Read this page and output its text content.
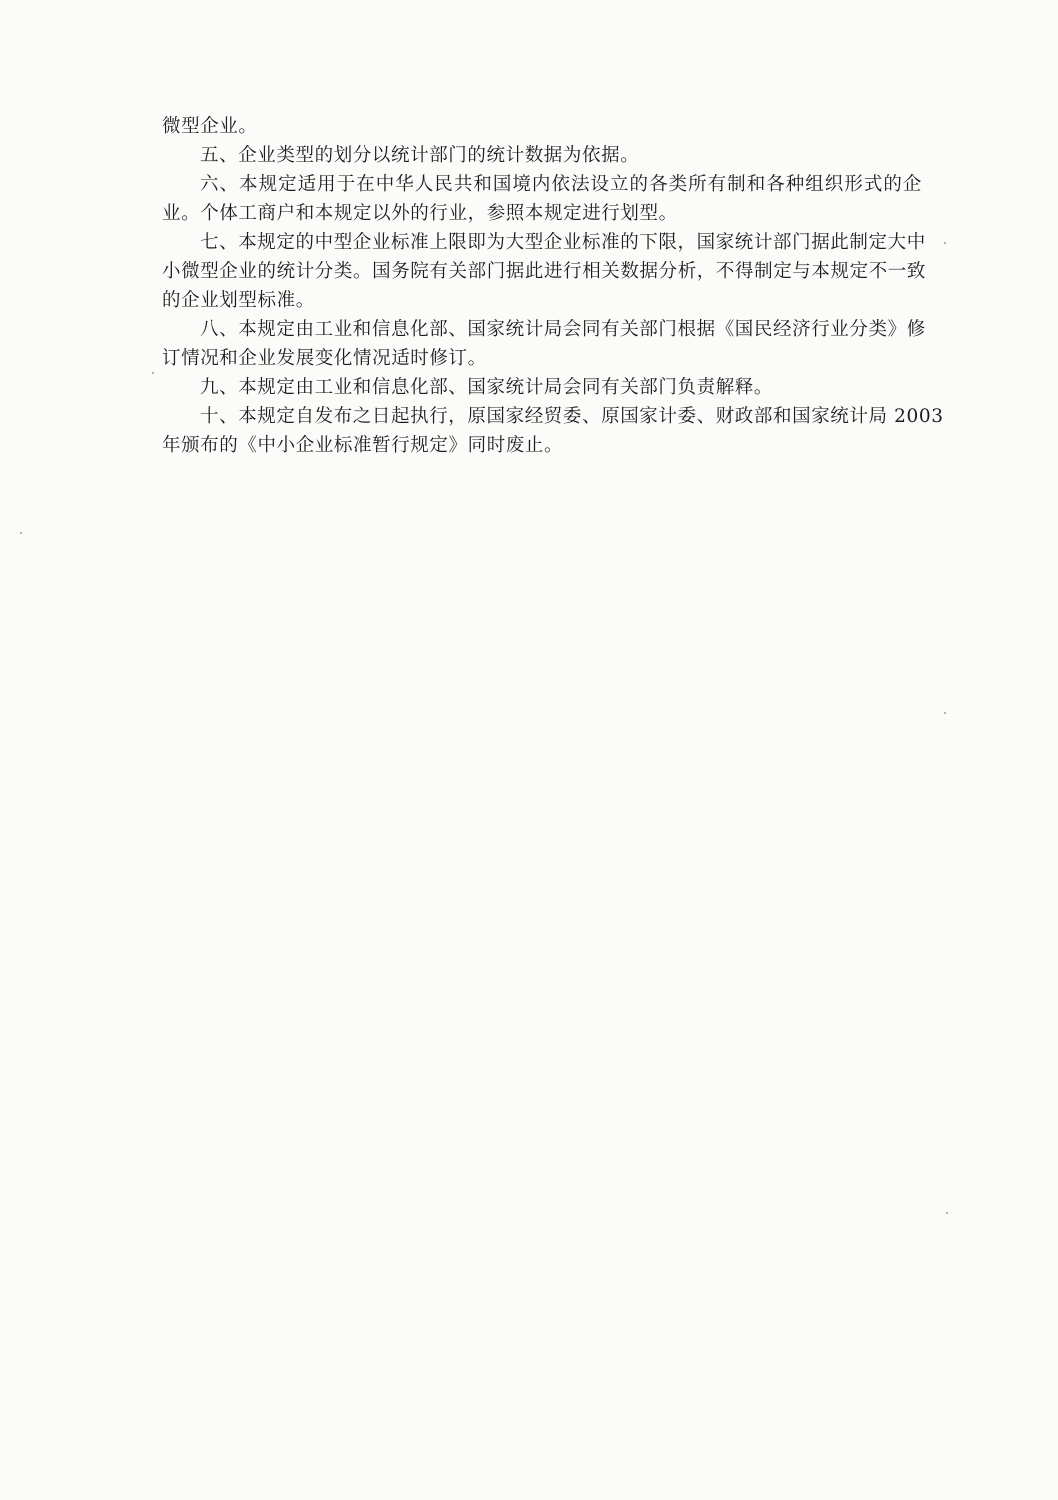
微型企业。
五、企业类型的划分以统计部门的统计数据为依据。
六、本规定适用于在中华人民共和国境内依法设立的各类所有制和各种组织形式的企
业。个体工商户和本规定以外的行业，参照本规定进行划型。
七、本规定的中型企业标准上限即为大型企业标准的下限，国家统计部门据此制定大中
小微型企业的统计分类。国务院有关部门据此进行相关数据分析，不得制定与本规定不一致
的企业划型标准。
八、本规定由工业和信息化部、国家统计局会同有关部门根据《国民经济行业分类》修
订情况和企业发展变化情况适时修订。
九、本规定由工业和信息化部、国家统计局会同有关部门负责解释。
十、本规定自发布之日起执行，原国家经贸委、原国家计委、财政部和国家统计局 2003
年颁布的《中小企业标准暂行规定》同时废止。
